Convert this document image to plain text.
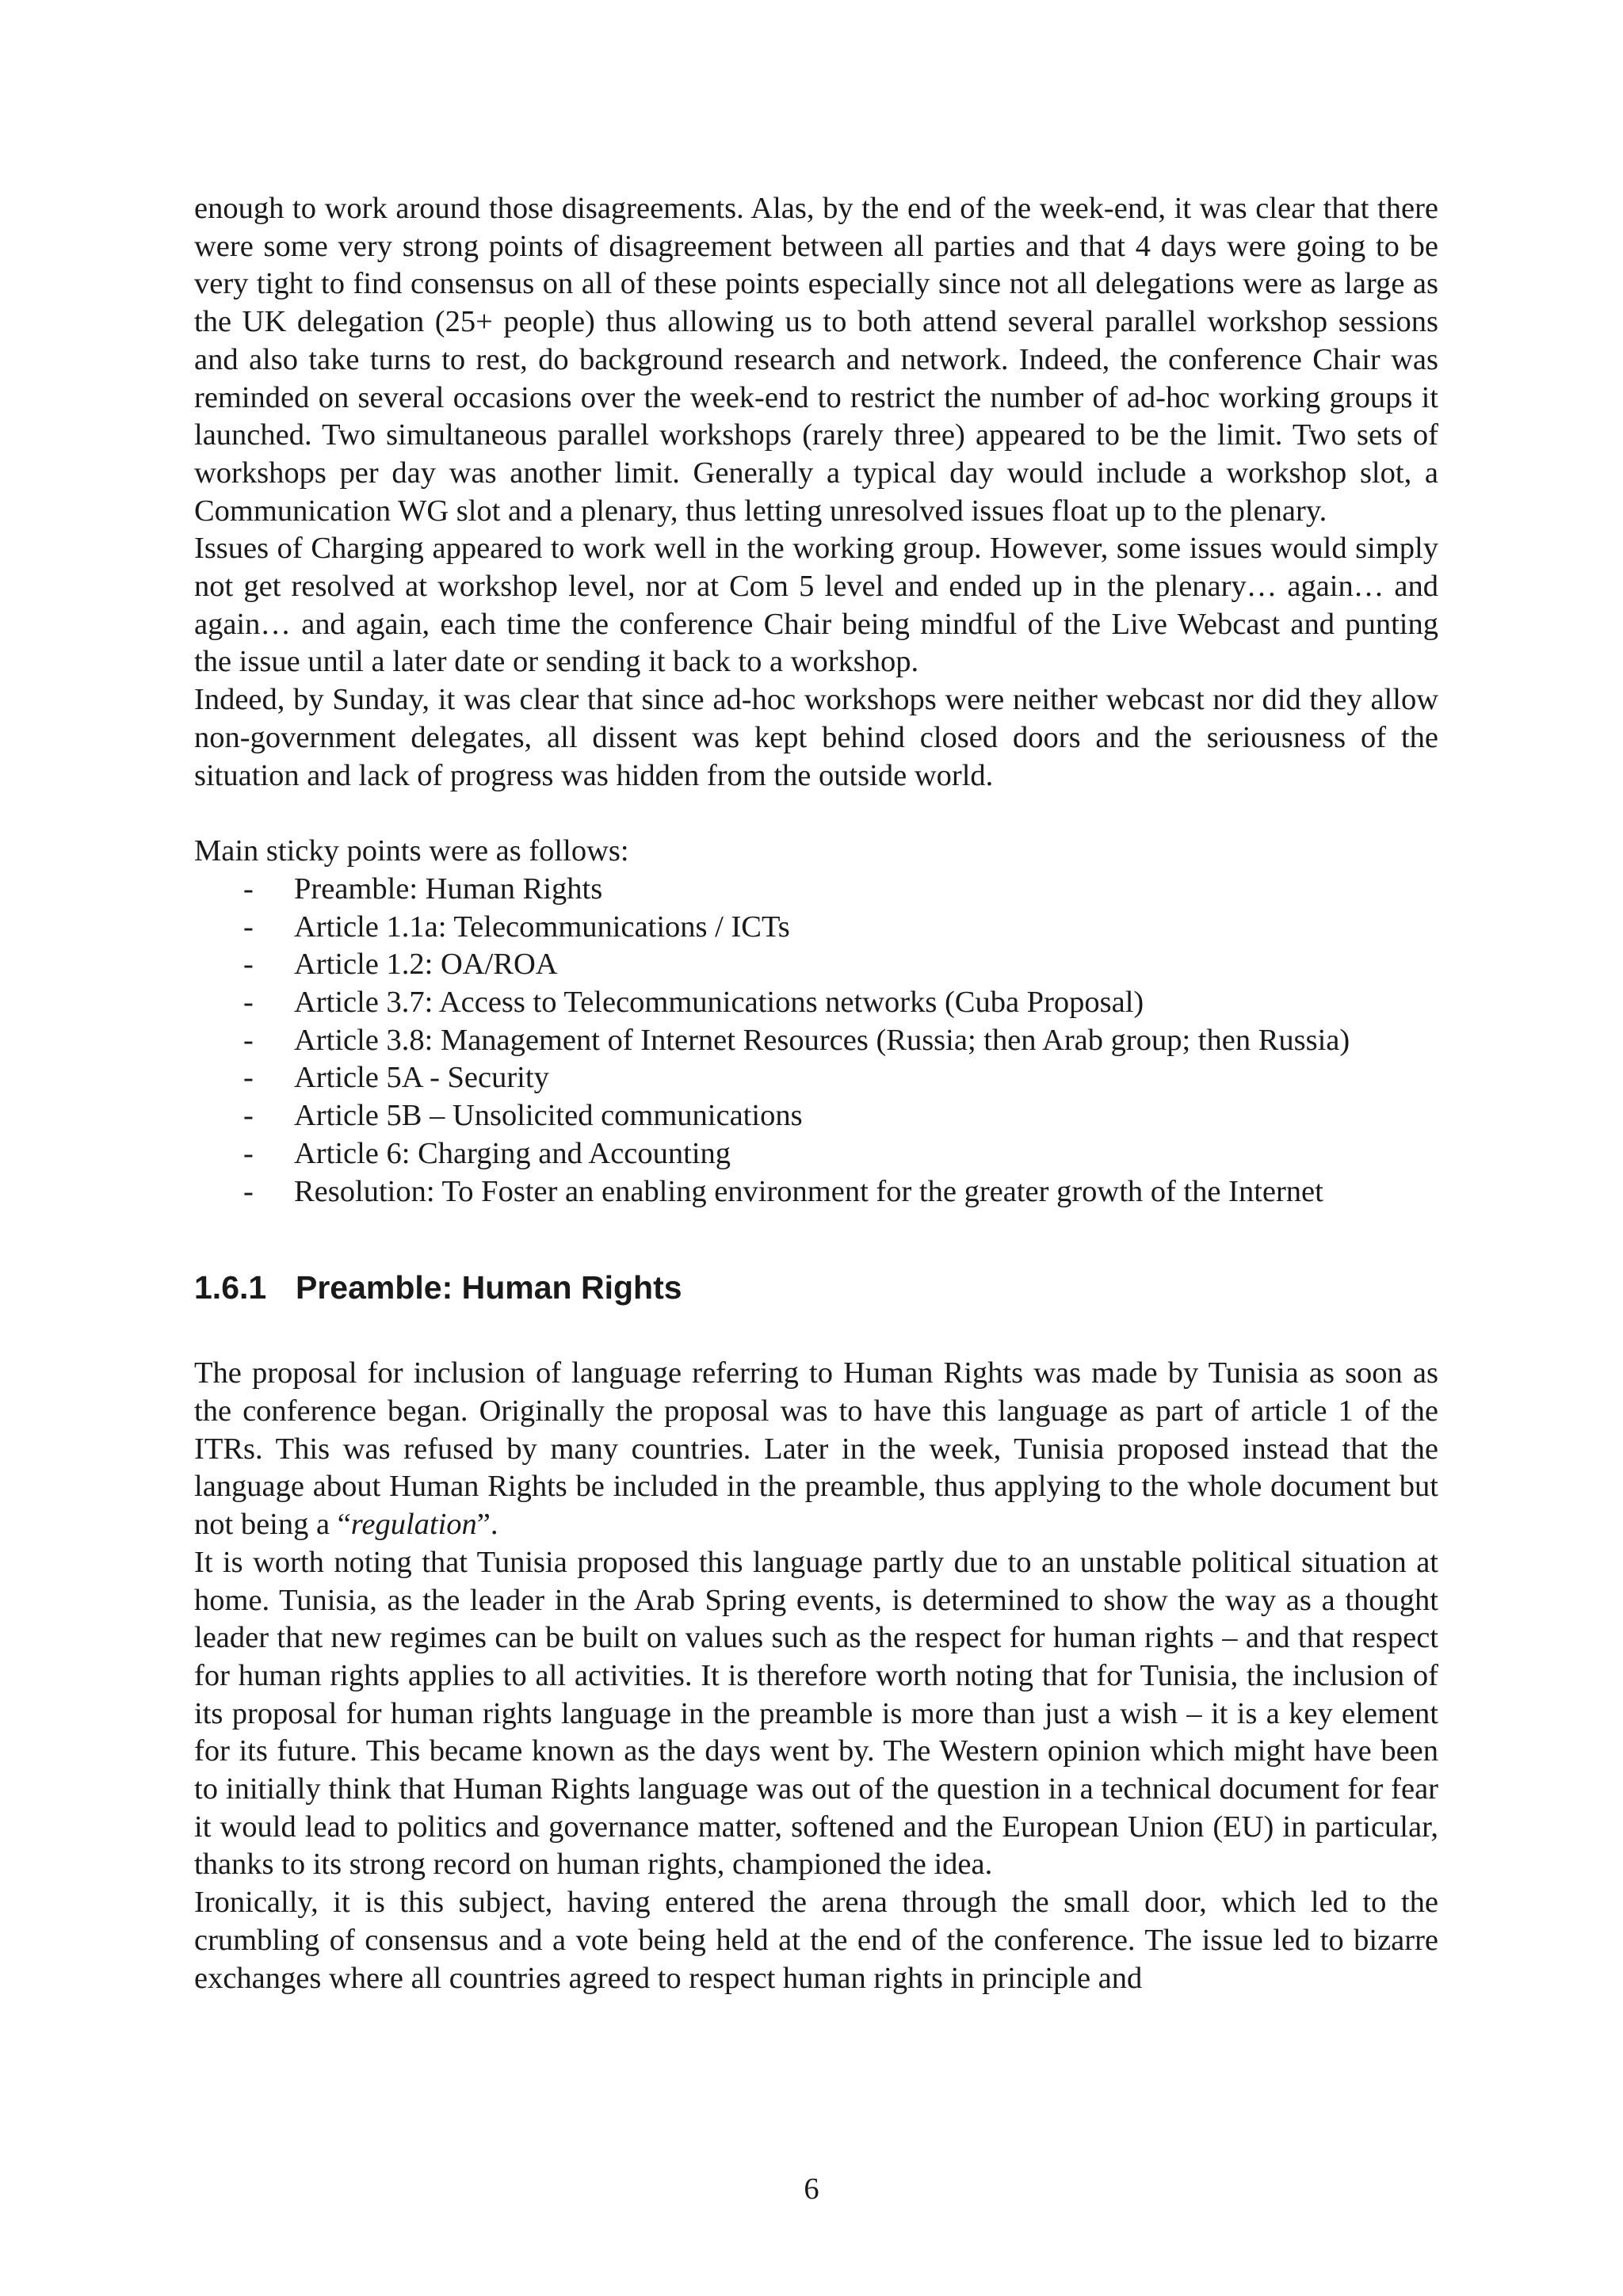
enough to work around those disagreements. Alas, by the end of the week-end, it was clear that there were some very strong points of disagreement between all parties and that 4 days were going to be very tight to find consensus on all of these points especially since not all delegations were as large as the UK delegation (25+ people) thus allowing us to both attend several parallel workshop sessions and also take turns to rest, do background research and network. Indeed, the conference Chair was reminded on several occasions over the week-end to restrict the number of ad-hoc working groups it launched. Two simultaneous parallel workshops (rarely three) appeared to be the limit. Two sets of workshops per day was another limit. Generally a typical day would include a workshop slot, a Communication WG slot and a plenary, thus letting unresolved issues float up to the plenary.

Issues of Charging appeared to work well in the working group. However, some issues would simply not get resolved at workshop level, nor at Com 5 level and ended up in the plenary… again… and again… and again, each time the conference Chair being mindful of the Live Webcast and punting the issue until a later date or sending it back to a workshop.

Indeed, by Sunday, it was clear that since ad-hoc workshops were neither webcast nor did they allow non-government delegates, all dissent was kept behind closed doors and the seriousness of the situation and lack of progress was hidden from the outside world.

Main sticky points were as follows:

- Preamble: Human Rights
- Article 1.1a: Telecommunications / ICTs
- Article 1.2: OA/ROA
- Article 3.7: Access to Telecommunications networks (Cuba Proposal)
- Article 3.8: Management of Internet Resources (Russia; then Arab group; then Russia)
- Article 5A - Security
- Article 5B – Unsolicited communications
- Article 6: Charging and Accounting
- Resolution: To Foster an enabling environment for the greater growth of the Internet
1.6.1 Preamble: Human Rights

The proposal for inclusion of language referring to Human Rights was made by Tunisia as soon as the conference began. Originally the proposal was to have this language as part of article 1 of the ITRs. This was refused by many countries. Later in the week, Tunisia proposed instead that the language about Human Rights be included in the preamble, thus applying to the whole document but not being a “regulation”.

It is worth noting that Tunisia proposed this language partly due to an unstable political situation at home. Tunisia, as the leader in the Arab Spring events, is determined to show the way as a thought leader that new regimes can be built on values such as the respect for human rights – and that respect for human rights applies to all activities. It is therefore worth noting that for Tunisia, the inclusion of its proposal for human rights language in the preamble is more than just a wish – it is a key element for its future. This became known as the days went by. The Western opinion which might have been to initially think that Human Rights language was out of the question in a technical document for fear it would lead to politics and governance matter, softened and the European Union (EU) in particular, thanks to its strong record on human rights, championed the idea.

Ironically, it is this subject, having entered the arena through the small door, which led to the crumbling of consensus and a vote being held at the end of the conference. The issue led to bizarre exchanges where all countries agreed to respect human rights in principle and

6
